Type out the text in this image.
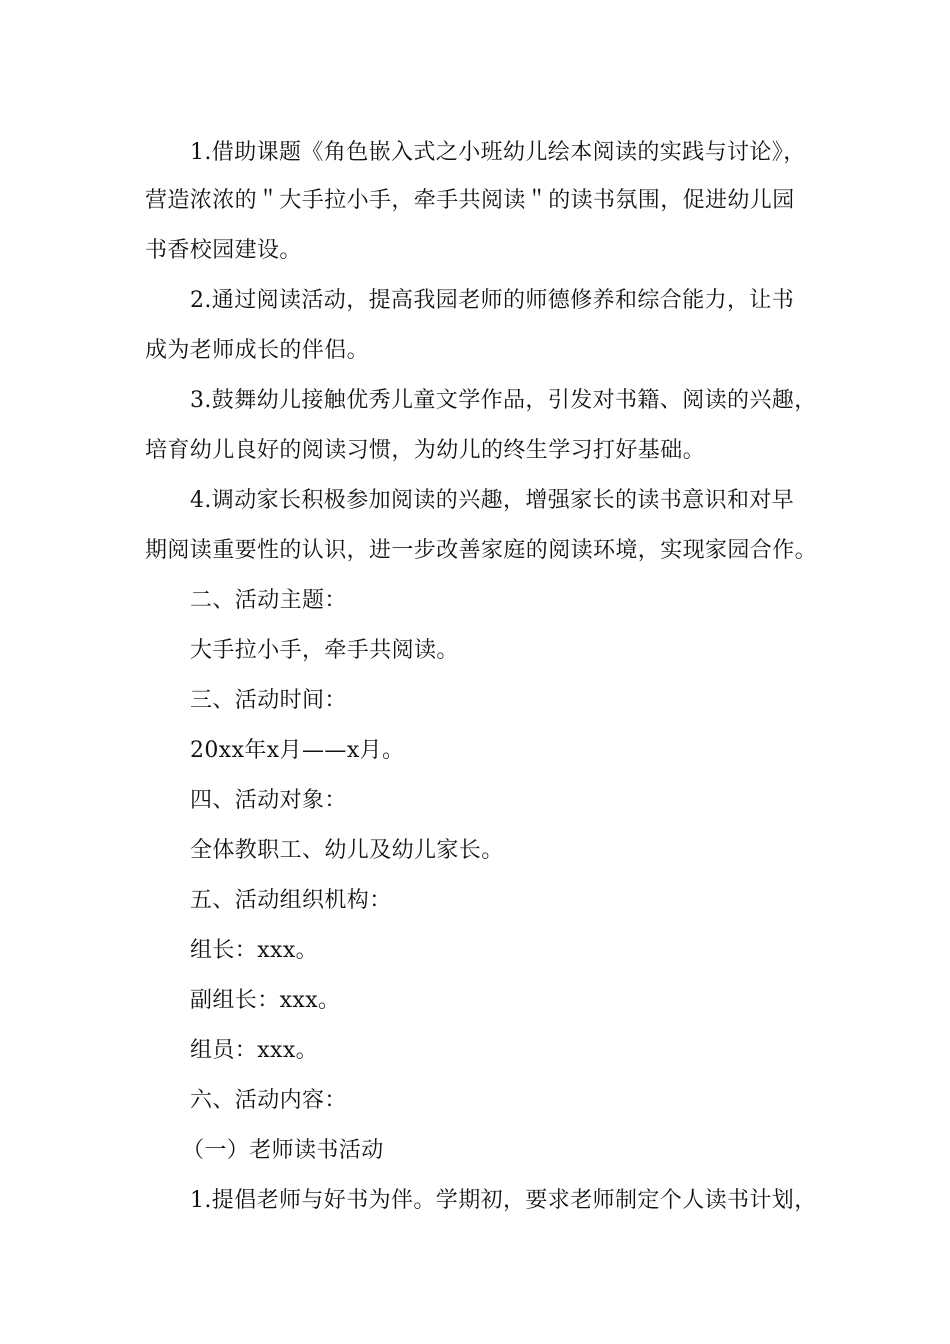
1.借助课题《角色嵌入式之小班幼儿绘本阅读的实践与讨论》，
营造浓浓的＂大手拉小手，牵手共阅读＂的读书氛围，促进幼儿园
书香校园建设。
2.通过阅读活动，提高我园老师的师德修养和综合能力，让书
成为老师成长的伴侣。
3.鼓舞幼儿接触优秀儿童文学作品，引发对书籍、阅读的兴趣，
培育幼儿良好的阅读习惯，为幼儿的终生学习打好基础。
4.调动家长积极参加阅读的兴趣，增强家长的读书意识和对早
期阅读重要性的认识，进一步改善家庭的阅读环境，实现家园合作。
二、活动主题：
大手拉小手，牵手共阅读。
三、活动时间：
20xx年x月——x月。
四、活动对象：
全体教职工、幼儿及幼儿家长。
五、活动组织机构：
组长：xxx。
副组长：xxx。
组员：xxx。
六、活动内容：
（一）老师读书活动
1.提倡老师与好书为伴。学期初，要求老师制定个人读书计划，
